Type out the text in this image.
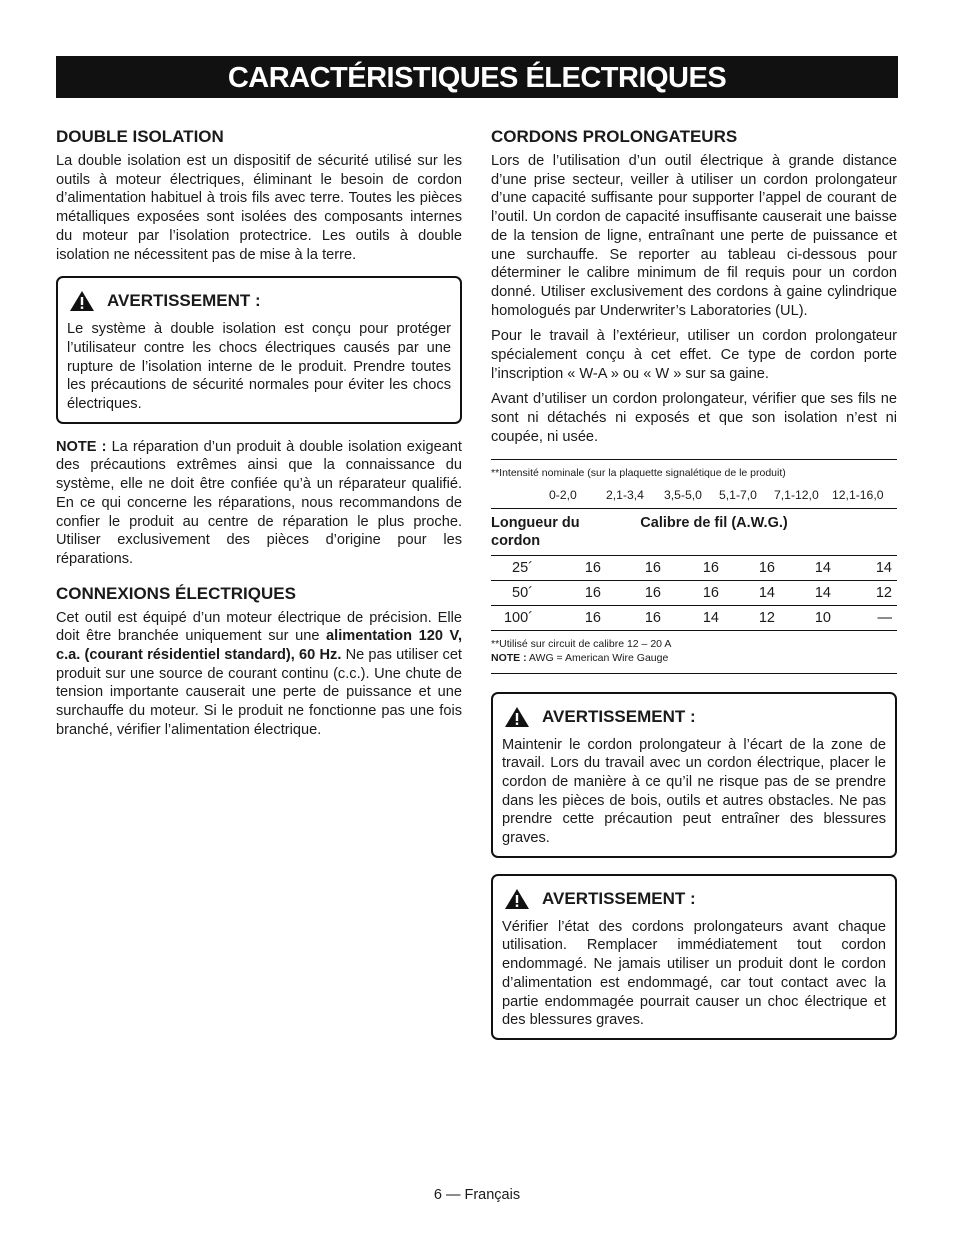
CARACTÉRISTIQUES ÉLECTRIQUES
DOUBLE ISOLATION

La double isolation est un dispositif de sécurité utilisé sur les outils à moteur électriques, éliminant le besoin de cordon d’alimentation habituel à trois fils avec terre. Toutes les pièces métalliques exposées sont isolées des composants internes du moteur par l’isolation protectrice. Les outils à double isolation ne nécessitent pas de mise à la terre.

AVERTISSEMENT :

Le système à double isolation est conçu pour protéger l’utilisateur contre les chocs électriques causés par une rupture de l’isolation interne de le produit. Prendre toutes les précautions de sécurité normales pour éviter les chocs électriques.

NOTE : La réparation d’un produit à double isolation exigeant des précautions extrêmes ainsi que la connaissance du système, elle ne doit être confiée qu’à un réparateur qualifié. En ce qui concerne les réparations, nous recommandons de confier le produit au centre de réparation le plus proche. Utiliser exclusivement des pièces d’origine pour les réparations.

CONNEXIONS ÉLECTRIQUES

Cet outil est équipé d’un moteur électrique de précision. Elle doit être branchée uniquement sur une alimentation 120 V, c.a. (courant résidentiel standard), 60 Hz. Ne pas utiliser cet produit sur une source de courant continu (c.c.). Une chute de tension importante causerait une perte de puissance et une surchauffe du moteur. Si le produit ne fonctionne pas une fois branché, vérifier l’alimentation électrique.

CORDONS PROLONGATEURS

Lors de l’utilisation d’un outil électrique à grande distance d’une prise secteur, veiller à utiliser un cordon prolongateur d’une capacité suffisante pour supporter l’appel de courant de l’outil. Un cordon de capacité insuffisante causerait une baisse de la tension de ligne, entraînant une perte de puissance et une surchauffe. Se reporter au tableau ci-dessous pour déterminer le calibre minimum de fil requis pour un cordon donné. Utiliser exclusivement des cordons à gaine cylindrique homologués par Underwriter’s Laboratories (UL).

Pour le travail à l’extérieur, utiliser un cordon prolongateur spécialement conçu à cet effet. Ce type de cordon porte l’inscription « W-A » ou « W » sur sa gaine.

Avant d’utiliser un cordon prolongateur, vérifier que ses fils ne sont ni détachés ni exposés et que son isolation n’est ni coupée, ni usée.

**Intensité nominale (sur la plaquette signalétique de le produit)
0-2,0	2,1-3,4	3,5-5,0	5,1-7,0	7,1-12,0	12,1-16,0
Longueur du cordon
Calibre de fil (A.W.G.)
25´	16	16	16	16	14	14
50´	16	16	16	14	14	12
100´	16	16	14	12	10	—
**Utilisé sur circuit de calibre 12 – 20 A
NOTE : AWG = American Wire Gauge
AVERTISSEMENT :

Maintenir le cordon prolongateur à l’écart de la zone de travail. Lors du travail avec un cordon électrique, placer le cordon de manière à ce qu’il ne risque pas de se prendre dans les pièces de bois, outils et autres obstacles. Ne pas prendre cette précaution peut entraîner des blessures graves.

AVERTISSEMENT :

Vérifier l’état des cordons prolongateurs avant chaque utilisation. Remplacer immédiatement tout cordon endommagé. Ne jamais utiliser un produit dont le cordon d’alimentation est endommagé, car tout contact avec la partie endommagée pourrait causer un choc électrique et des blessures graves.

6 — Français
